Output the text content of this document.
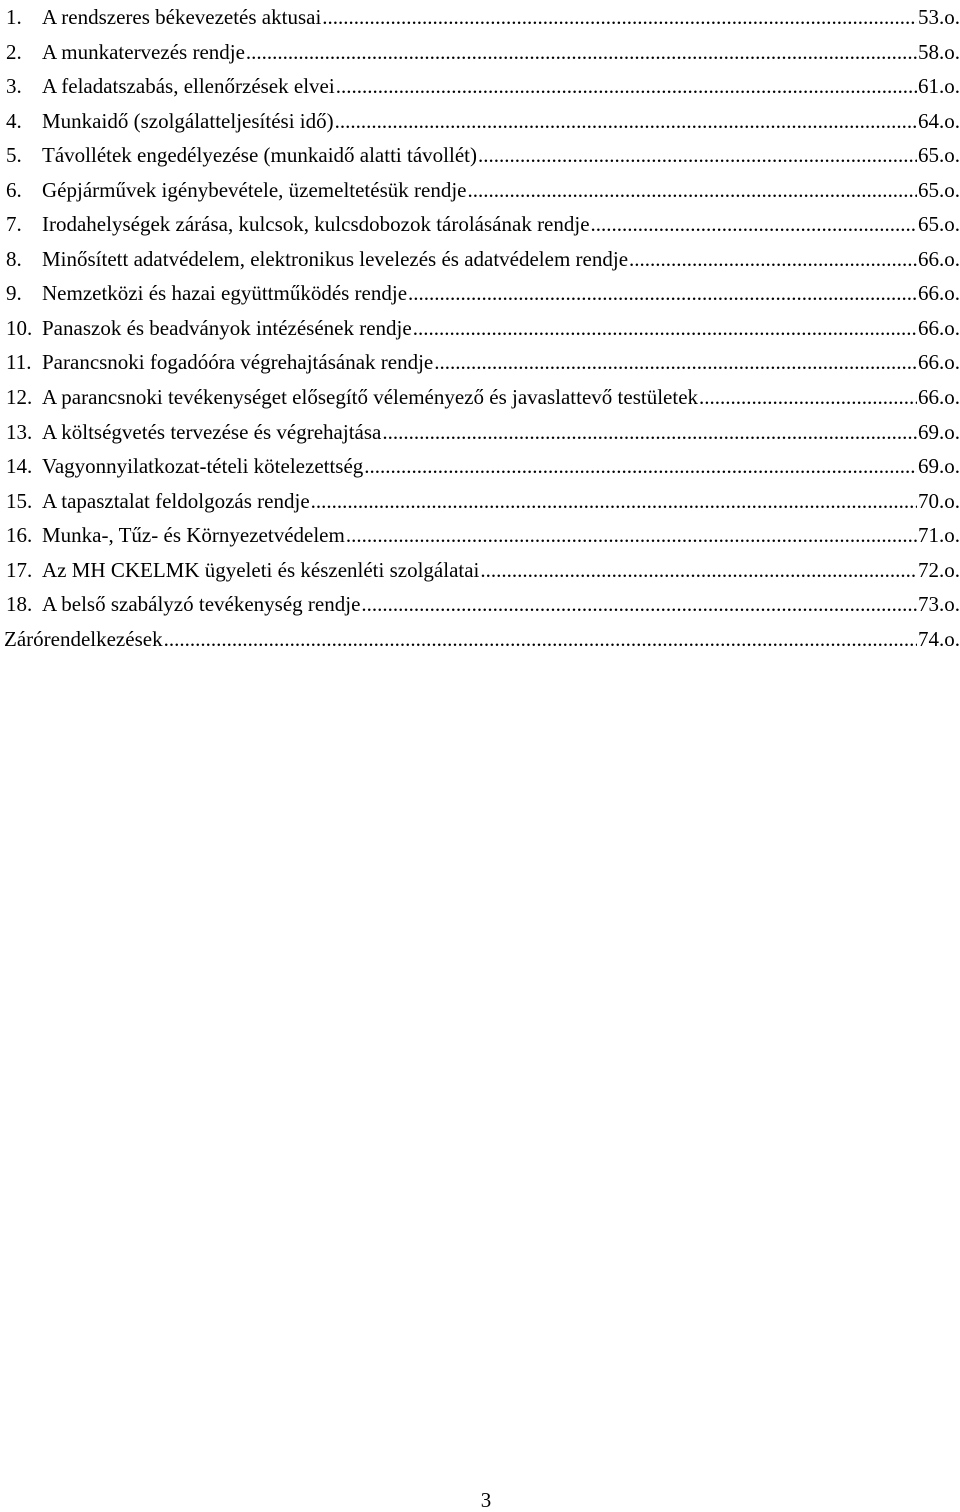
1. A rendszeres békevezetés aktusai .....	53.o.
2. A munkatervezés rendje .....	58.o.
3. A feladatszabás, ellenőrzések elvei .....	61.o.
4. Munkaidő (szolgálatteljesítési idő) .....	64.o.
5. Távollétek engedélyezése (munkaidő alatti távollét) .....	65.o.
6. Gépjárművek igénybevétele, üzemeltetésük rendje .....	65.o.
7. Irodahelységek zárása, kulcsok, kulcsdobozok tárolásának rendje .....	65.o.
8. Minősített adatvédelem, elektronikus levelezés és adatvédelem rendje .....	66.o.
9. Nemzetközi és hazai együttműködés rendje .....	66.o.
10. Panaszok és beadványok intézésének rendje .....	66.o.
11. Parancsnoki fogadóóra végrehajtásának rendje .....	66.o.
12. A parancsnoki tevékenységet elősegítő véleményező és javaslattevő testületek .....	66.o.
13. A költségvetés tervezése és végrehajtása .....	69.o.
14. Vagyonnyilatkozat-tételi kötelezettség .....	69.o.
15. A tapasztalat feldolgozás rendje .....	70.o.
16. Munka-, Tűz- és Környezetvédelem .....	71.o.
17. Az MH CKELMK ügyeleti és készenléti szolgálatai .....	72.o.
18. A belső szabályzó tevékenység rendje .....	73.o.
Zárórendelkezések .....	74.o.
3
